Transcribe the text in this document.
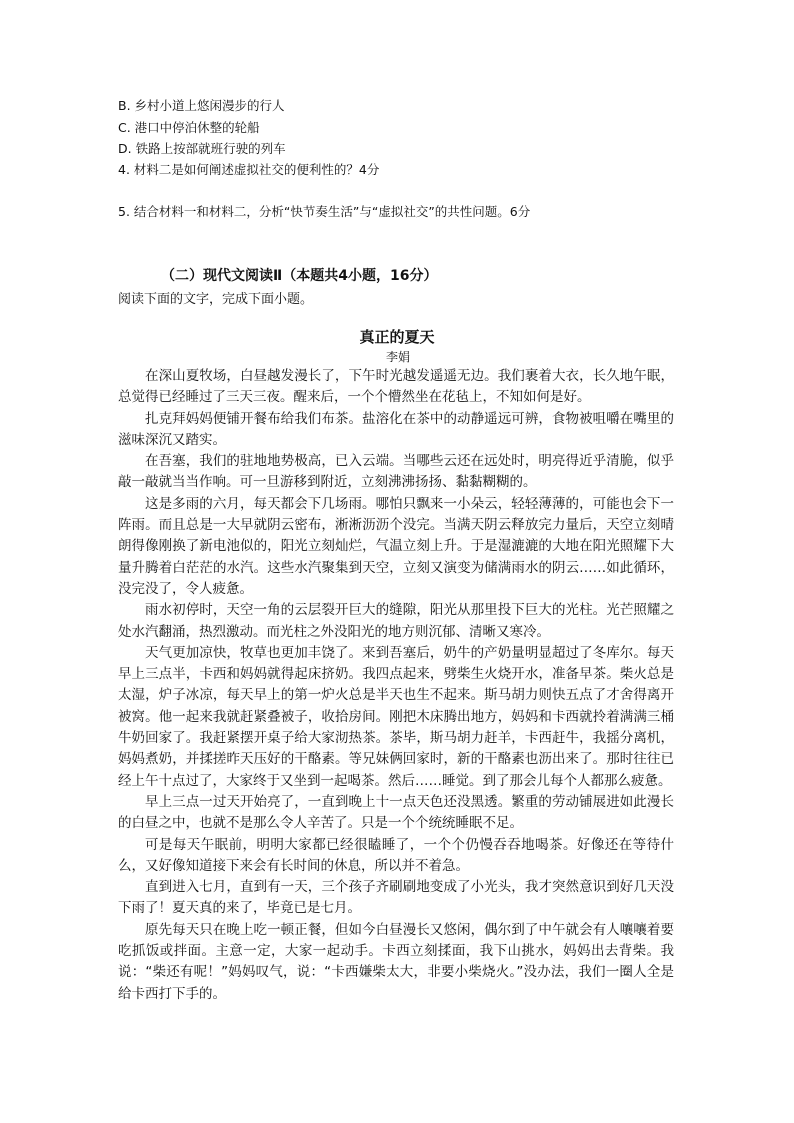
B. 乡村小道上悠闲漫步的行人
C. 港口中停泊休整的轮船
D. 铁路上按部就班行驶的列车
4. 材料二是如何阐述虚拟社交的便利性的？4分
5. 结合材料一和材料二，分析“快节奏生活”与“虚拟社交”的共性问题。6分
（二）现代文阅读Ⅱ（本题共4小题，16分）
阅读下面的文字，完成下面小题。
真正的夏天
李娟

在深山夏牧场，白昼越发漫长了，下午时光越发遥遥无边。我们裹着大衣，长久地午眠，总觉得已经睡过了三天三夜。醒来后，一个个懵然坐在花毡上，不知如何是好。

扎克拜妈妈便铺开餐布给我们布茶。盐溶化在茶中的动静遥远可辨，食物被咀嚼在嘴里的滋味深沉又踏实。

在吾塞，我们的驻地地势极高，已入云端。当哪些云还在远处时，明亮得近乎清脆，似乎敲一敲就当当作响。可一旦游移到附近，立刻沸沸扬扬、黏黏糊糊的。

这是多雨的六月，每天都会下几场雨。哪怕只飘来一小朵云，轻轻薄薄的，可能也会下一阵雨。而且总是一大早就阴云密布，淅淅沥沥个没完。当满天阴云释放完力量后，天空立刻晴朗得像刚换了新电池似的，阳光立刻灿烂，气温立刻上升。于是湿漉漉的大地在阳光照耀下大量升腾着白茫茫的水汽。这些水汽聚集到天空，立刻又演变为储满雨水的阴云……如此循环，没完没了，令人疲惫。

雨水初停时，天空一角的云层裂开巨大的缝隙，阳光从那里投下巨大的光柱。光芒照耀之处水汽翻涌，热烈激动。而光柱之外没阳光的地方则沉郁、清晰又寒冷。

天气更加凉快，牧草也更加丰饶了。来到吾塞后，奶牛的产奶量明显超过了冬库尔。每天早上三点半，卡西和妈妈就得起床挤奶。我四点起来，劈柴生火烧开水，准备早茶。柴火总是太湿，炉子冰凉，每天早上的第一炉火总是半天也生不起来。斯马胡力则快五点了才舍得离开被窝。他一起来我就赶紧叠被子，收拾房间。刚把木床腾出地方，妈妈和卡西就拎着满满三桶牛奶回家了。我赶紧摆开桌子给大家沏热茶。茶毕，斯马胡力赶羊，卡西赶牛，我摇分离机，妈妈煮奶，并揉搓昨天压好的干酪素。等兄妹俩回家时，新的干酪素也沥出来了。那时往往已经上午十点过了，大家终于又坐到一起喝茶。然后……睡觉。到了那会儿每个人都那么疲惫。

早上三点一过天开始亮了，一直到晚上十一点天色还没黑透。繁重的劳动铺展进如此漫长的白昼之中，也就不是那么令人辛苦了。只是一个个统统睡眠不足。

可是每天午眠前，明明大家都已经很瞌睡了，一个个仍慢吞吞地喝茶。好像还在等待什么，又好像知道接下来会有长时间的休息，所以并不着急。

直到进入七月，直到有一天，三个孩子齐刷刷地变成了小光头，我才突然意识到好几天没下雨了！夏天真的来了，毕竟已是七月。

原先每天只在晚上吃一顿正餐，但如今白昼漫长又悠闲，偶尔到了中午就会有人嚷嚷着要吃抓饭或拌面。主意一定，大家一起动手。卡西立刻揉面，我下山挑水，妈妈出去背柴。我说：“柴还有呢！”妈妈叹气，说：“卡西嫌柴太大，非要小柴烧火。”没办法，我们一圈人全是给卡西打下手的。
